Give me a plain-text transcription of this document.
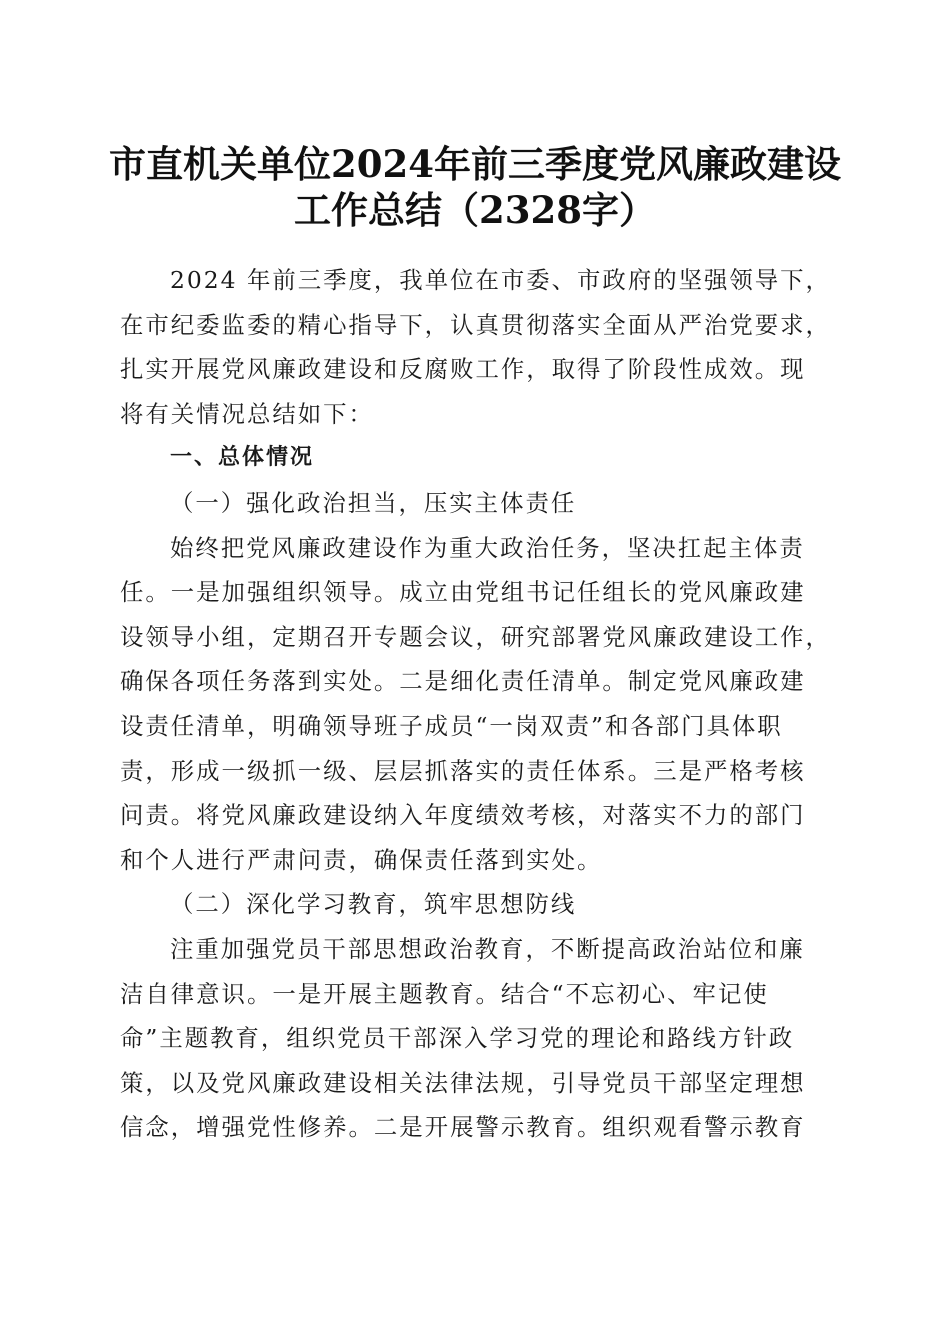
市直机关单位2024年前三季度党风廉政建设
工作总结（2328字）
2024 年前三季度，我单位在市委、市政府的坚强领导下，
在市纪委监委的精心指导下，认真贯彻落实全面从严治党要求，
扎实开展党风廉政建设和反腐败工作，取得了阶段性成效。现
将有关情况总结如下：
一、总体情况
（一）强化政治担当，压实主体责任
始终把党风廉政建设作为重大政治任务，坚决扛起主体责
任。一是加强组织领导。成立由党组书记任组长的党风廉政建
设领导小组，定期召开专题会议，研究部署党风廉政建设工作，
确保各项任务落到实处。二是细化责任清单。制定党风廉政建
设责任清单，明确领导班子成员“一岗双责”和各部门具体职
责，形成一级抓一级、层层抓落实的责任体系。三是严格考核
问责。将党风廉政建设纳入年度绩效考核，对落实不力的部门
和个人进行严肃问责，确保责任落到实处。
（二）深化学习教育，筑牢思想防线
注重加强党员干部思想政治教育，不断提高政治站位和廉
洁自律意识。一是开展主题教育。结合“不忘初心、牢记使
命”主题教育，组织党员干部深入学习党的理论和路线方针政
策，以及党风廉政建设相关法律法规，引导党员干部坚定理想
信念，增强党性修养。二是开展警示教育。组织观看警示教育
